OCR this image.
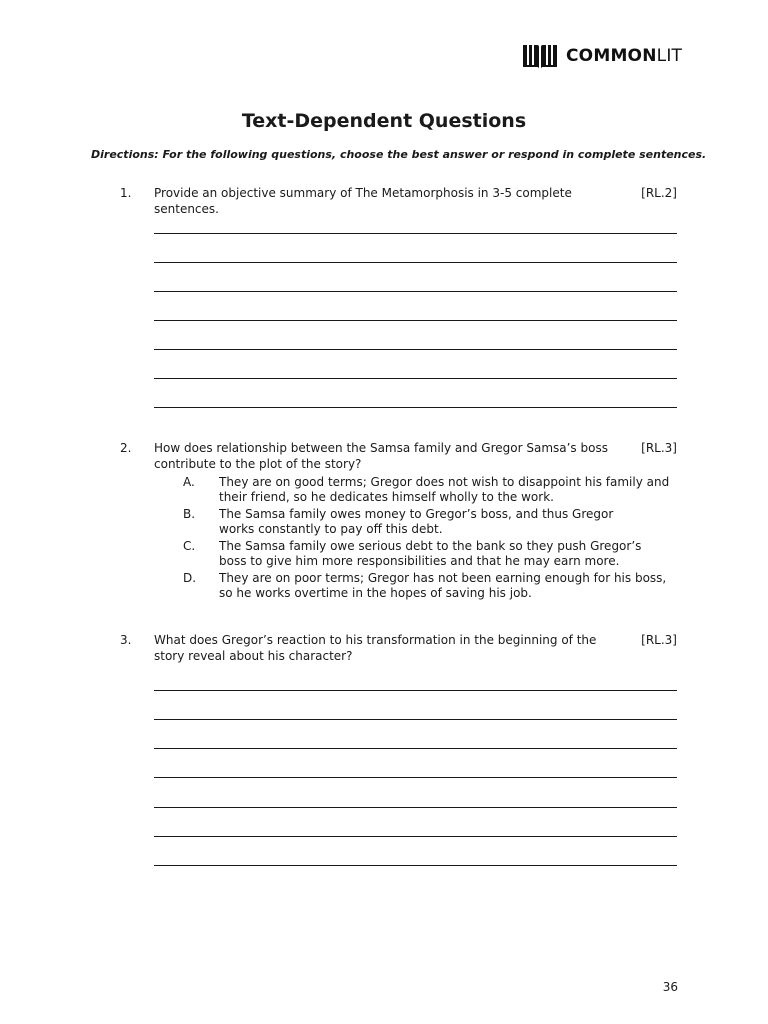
COMMONLIT
Text-Dependent Questions
Directions: For the following questions, choose the best answer or respond in complete sentences.
1. Provide an objective summary of The Metamorphosis in 3-5 complete sentences.
[RL.2]
2. How does relationship between the Samsa family and Gregor Samsa’s boss contribute to the plot of the story?
[RL.3]
A. They are on good terms; Gregor does not wish to disappoint his family and their friend, so he dedicates himself wholly to the work.
B. The Samsa family owes money to Gregor’s boss, and thus Gregor works constantly to pay off this debt.
C. The Samsa family owe serious debt to the bank so they push Gregor’s boss to give him more responsibilities and that he may earn more.
D. They are on poor terms; Gregor has not been earning enough for his boss, so he works overtime in the hopes of saving his job.
3. What does Gregor’s reaction to his transformation in the beginning of the story reveal about his character?
[RL.3]
36
